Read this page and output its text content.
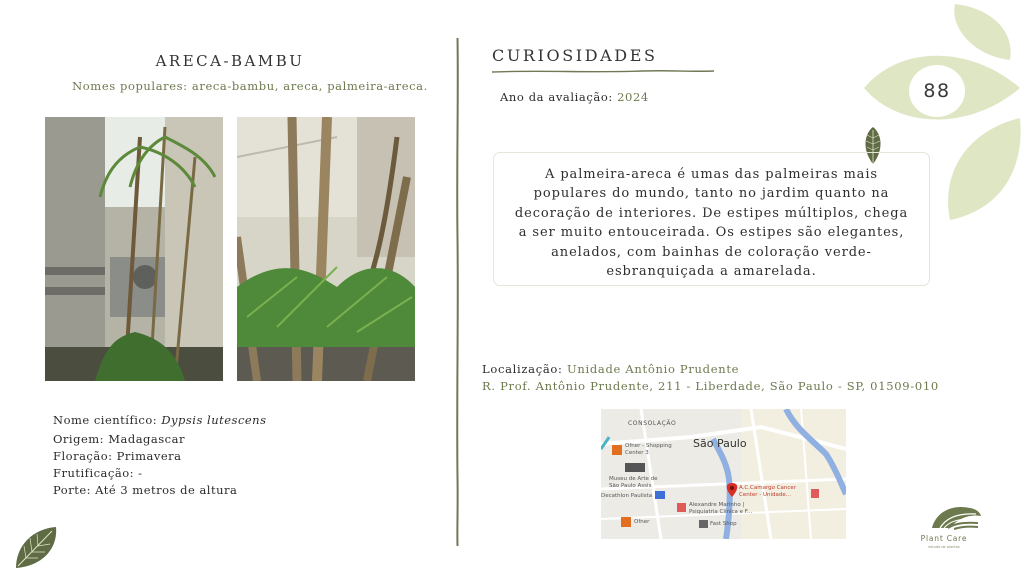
88
ARECA-BAMBU
Nomes populares: areca-bambu, areca, palmeira-areca.
Nome científico: Dypsis lutescens
Origem: Madagascar
Floração: Primavera
Frutificação: -
Porte: Até 3 metros de altura
CURIOSIDADES
Ano da avaliação: 2024
A palmeira-areca é umas das palmeiras mais populares do mundo, tanto no jardim quanto na decoração de interiores. De estipes múltiplos, chega a ser muito entouceirada. Os estipes são elegantes, anelados, com bainhas de coloração verde-esbranquiçada a amarelada.
Localização: Unidade Antônio Prudente
R. Prof. Antônio Prudente, 211 - Liberdade, São Paulo - SP, 01509-010
CONSOLAÇÃO
São Paulo
Ofner - Shopping
Center 3
Museu de Arte de
São Paulo Assis
Decathlon Paulista
Alexandre Marinho |
Psiquiatria Clínica e F...
A.C.Camargo Cancer
Center - Unidade...
Ofner	Fast Shop
Plant Care
estudo de plantas
